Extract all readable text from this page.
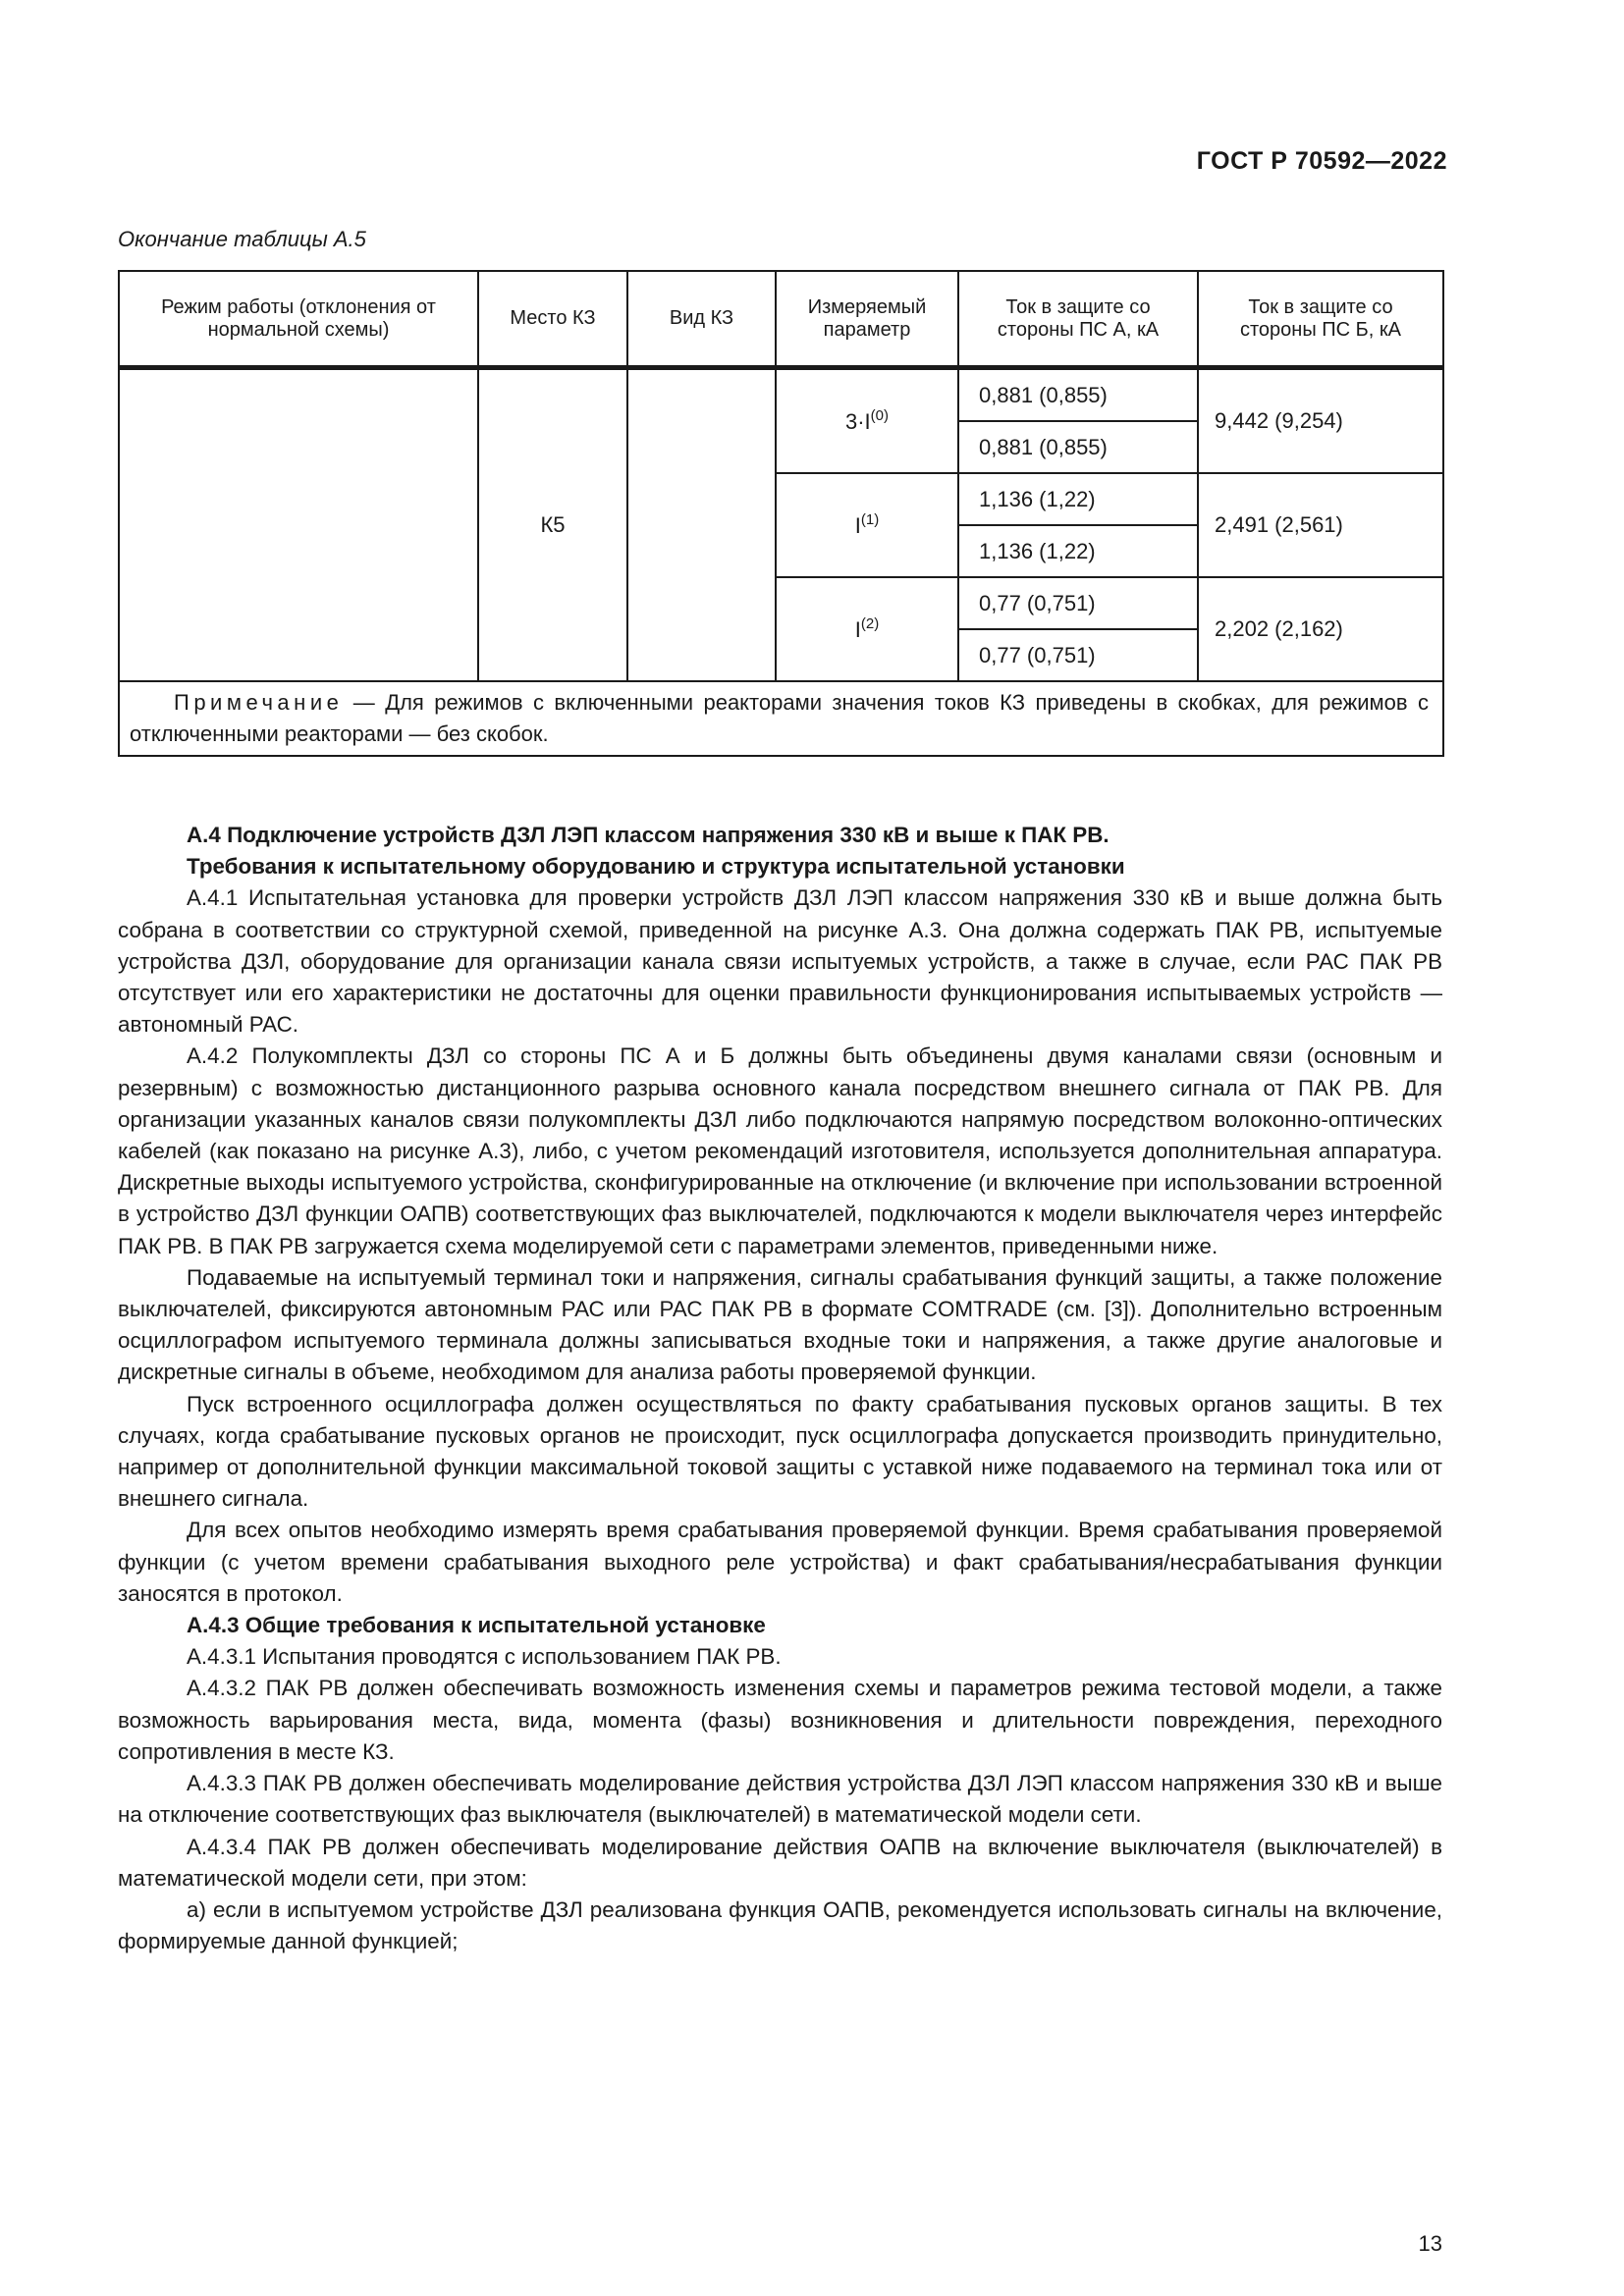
ГОСТ Р 70592—2022
Окончание таблицы А.5
Режим работы (отклонения от нормальной схемы)	Место КЗ	Вид КЗ	Измеряемый параметр	Ток в защите со стороны ПС А, кА	Ток в защите со стороны ПС Б, кА
	К5		$3\cdot I^{(0)}$	0,881 (0,855)	9,442 (9,254)
				0,881 (0,855)	
			$I^{(1)}$	1,136 (1,22)	2,491 (2,561)
				1,136 (1,22)	
			$I^{(2)}$	0,77 (0,751)	2,202 (2,162)
				0,77 (0,751)	
Примечание — Для режимов с включенными реакторами значения токов КЗ приведены в скобках, для режимов с отключенными реакторами — без скобок.					

А.4 Подключение устройств ДЗЛ ЛЭП классом напряжения 330 кВ и выше к ПАК РВ.

Требования к испытательному оборудованию и структура испытательной установки

А.4.1 Испытательная установка для проверки устройств ДЗЛ ЛЭП классом напряжения 330 кВ и выше должна быть собрана в соответствии со структурной схемой, приведенной на рисунке А.3. Она должна содержать ПАК РВ, испытуемые устройства ДЗЛ, оборудование для организации канала связи испытуемых устройств, а также в случае, если РАС ПАК РВ отсутствует или его характеристики не достаточны для оценки правильности функционирования испытываемых устройств — автономный РАС.

А.4.2 Полукомплекты ДЗЛ со стороны ПС А и Б должны быть объединены двумя каналами связи (основным и резервным) с возможностью дистанционного разрыва основного канала посредством внешнего сигнала от ПАК РВ. Для организации указанных каналов связи полукомплекты ДЗЛ либо подключаются напрямую посредством волоконно-оптических кабелей (как показано на рисунке А.3), либо, с учетом рекомендаций изготовителя, используется дополнительная аппаратура. Дискретные выходы испытуемого устройства, сконфигурированные на отключение (и включение при использовании встроенной в устройство ДЗЛ функции ОАПВ) соответствующих фаз выключателей, подключаются к модели выключателя через интерфейс ПАК РВ. В ПАК РВ загружается схема моделируемой сети с параметрами элементов, приведенными ниже.

Подаваемые на испытуемый терминал токи и напряжения, сигналы срабатывания функций защиты, а также положение выключателей, фиксируются автономным РАС или РАС ПАК РВ в формате COMTRADE (см. [3]). Дополнительно встроенным осциллографом испытуемого терминала должны записываться входные токи и напряжения, а также другие аналоговые и дискретные сигналы в объеме, необходимом для анализа работы проверяемой функции.

Пуск встроенного осциллографа должен осуществляться по факту срабатывания пусковых органов защиты. В тех случаях, когда срабатывание пусковых органов не происходит, пуск осциллографа допускается производить принудительно, например от дополнительной функции максимальной токовой защиты с уставкой ниже подаваемого на терминал тока или от внешнего сигнала.

Для всех опытов необходимо измерять время срабатывания проверяемой функции. Время срабатывания проверяемой функции (с учетом времени срабатывания выходного реле устройства) и факт срабатывания/несрабатывания функции заносятся в протокол.

А.4.3 Общие требования к испытательной установке

А.4.3.1 Испытания проводятся с использованием ПАК РВ.

А.4.3.2 ПАК РВ должен обеспечивать возможность изменения схемы и параметров режима тестовой модели, а также возможность варьирования места, вида, момента (фазы) возникновения и длительности повреждения, переходного сопротивления в месте КЗ.

А.4.3.3 ПАК РВ должен обеспечивать моделирование действия устройства ДЗЛ ЛЭП классом напряжения 330 кВ и выше на отключение соответствующих фаз выключателя (выключателей) в математической модели сети.

А.4.3.4 ПАК РВ должен обеспечивать моделирование действия ОАПВ на включение выключателя (выключателей) в математической модели сети, при этом:

а) если в испытуемом устройстве ДЗЛ реализована функция ОАПВ, рекомендуется использовать сигналы на включение, формируемые данной функцией;

13
